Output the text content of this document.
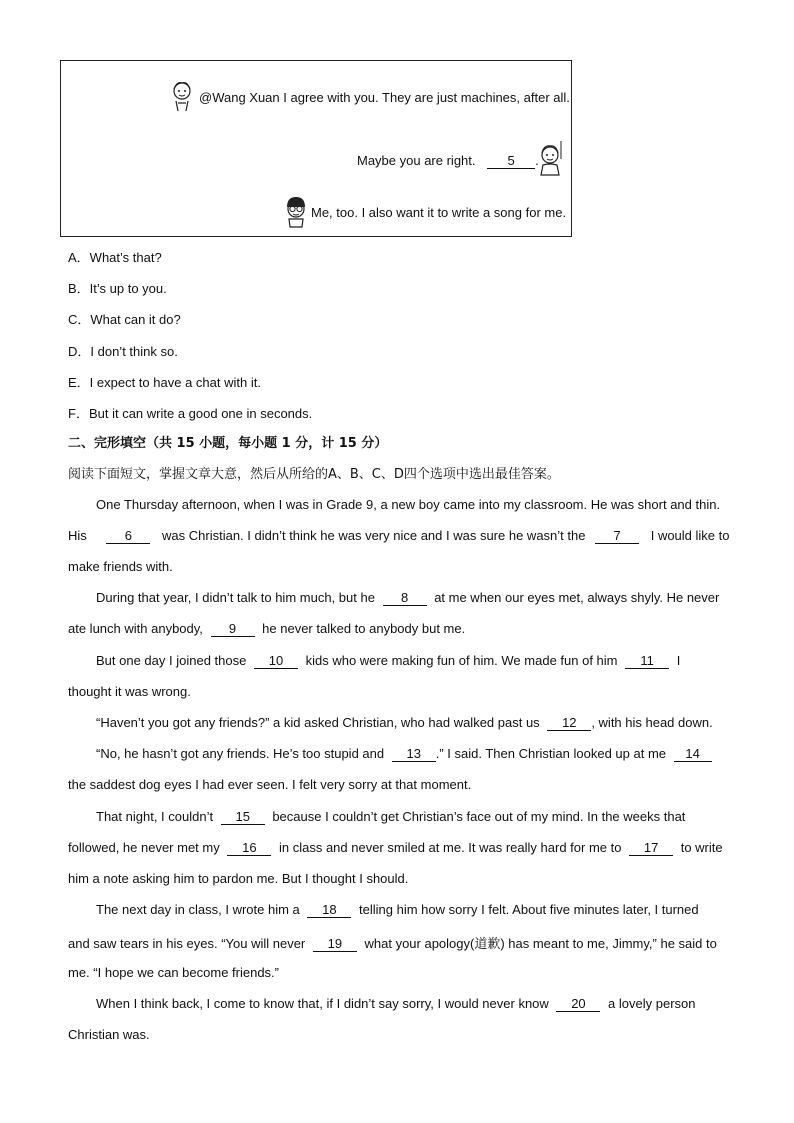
@Wang Xuan I agree with you. They are just machines, after all.
Maybe you are right. 5 .
Me, too. I also want it to write a song for me.
A．What’s that?
B．It’s up to you.
C．What can it do?
D．I don’t think so.
E．I expect to have a chat with it.
F．But it can write a good one in seconds.
二、完形填空（共 15 小题，每小题 1 分，计 15 分）
阅读下面短文，掌握文章大意，然后从所给的A、B、C、D四个选项中选出最佳答案。
One Thursday afternoon, when I was in Grade 9, a new boy came into my classroom. He was short and thin.
His	6 was Christian. I didn’t think he was very nice and I was sure he wasn’t the 7 I would like to
make friends with.
During that year, I didn’t talk to him much, but he 8 at me when our eyes met, always shyly. He never
ate lunch with anybody, 9 he never talked to anybody but me.
But one day I joined those 10 kids who were making fun of him. We made fun of him 11 I
thought it was wrong.
“Haven’t you got any friends?” a kid asked Christian, who had walked past us 12 , with his head down.
“No, he hasn’t got any friends. He’s too stupid and 13 .” I said. Then Christian looked up at me 14
the saddest dog eyes I had ever seen. I felt very sorry at that moment.
That night, I couldn’t 15 because I couldn’t get Christian’s face out of my mind. In the weeks that
followed, he never met my 16 in class and never smiled at me. It was really hard for me to 17 to write
him a note asking him to pardon me. But I thought I should.
The next day in class, I wrote him a 18 telling him how sorry I felt. About five minutes later, I turned
and saw tears in his eyes. “You will never 19 what your apology(道歉) has meant to me, Jimmy,” he said to
me. “I hope we can become friends.”
When I think back, I come to know that, if I didn’t say sorry, I would never know 20 a lovely person
Christian was.
